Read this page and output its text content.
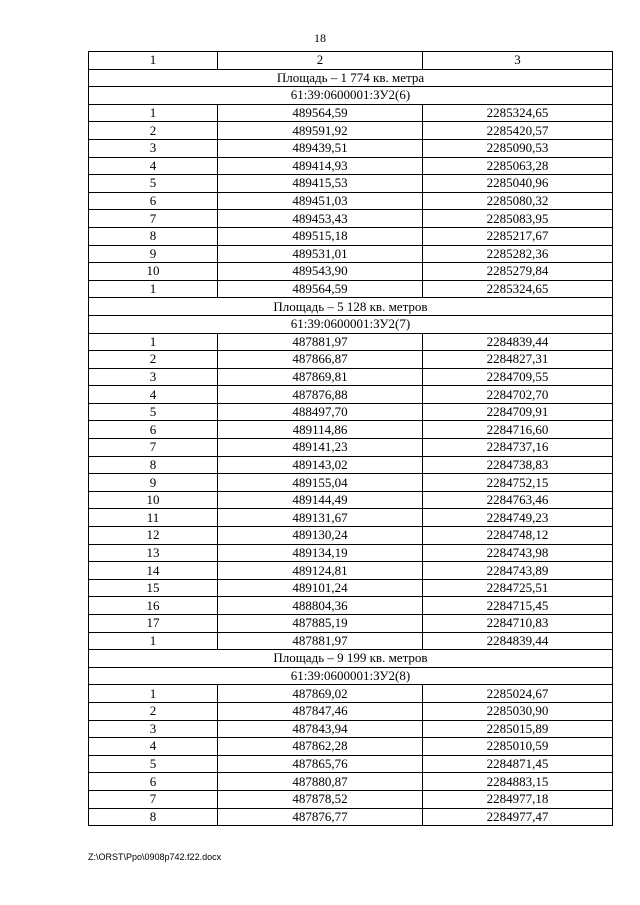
18
1	2	3
Площадь – 1 774 кв. метра		
61:39:0600001:ЗУ2(6)		
1	489564,59	2285324,65
2	489591,92	2285420,57
3	489439,51	2285090,53
4	489414,93	2285063,28
5	489415,53	2285040,96
6	489451,03	2285080,32
7	489453,43	2285083,95
8	489515,18	2285217,67
9	489531,01	2285282,36
10	489543,90	2285279,84
1	489564,59	2285324,65
Площадь – 5 128 кв. метров		
61:39:0600001:ЗУ2(7)		
1	487881,97	2284839,44
2	487866,87	2284827,31
3	487869,81	2284709,55
4	487876,88	2284702,70
5	488497,70	2284709,91
6	489114,86	2284716,60
7	489141,23	2284737,16
8	489143,02	2284738,83
9	489155,04	2284752,15
10	489144,49	2284763,46
11	489131,67	2284749,23
12	489130,24	2284748,12
13	489134,19	2284743,98
14	489124,81	2284743,89
15	489101,24	2284725,51
16	488804,36	2284715,45
17	487885,19	2284710,83
1	487881,97	2284839,44
Площадь – 9 199 кв. метров		
61:39:0600001:ЗУ2(8)		
1	487869,02	2285024,67
2	487847,46	2285030,90
3	487843,94	2285015,89
4	487862,28	2285010,59
5	487865,76	2284871,45
6	487880,87	2284883,15
7	487878,52	2284977,18
8	487876,77	2284977,47
Z:\ORST\Ppo\0908p742.f22.docx
